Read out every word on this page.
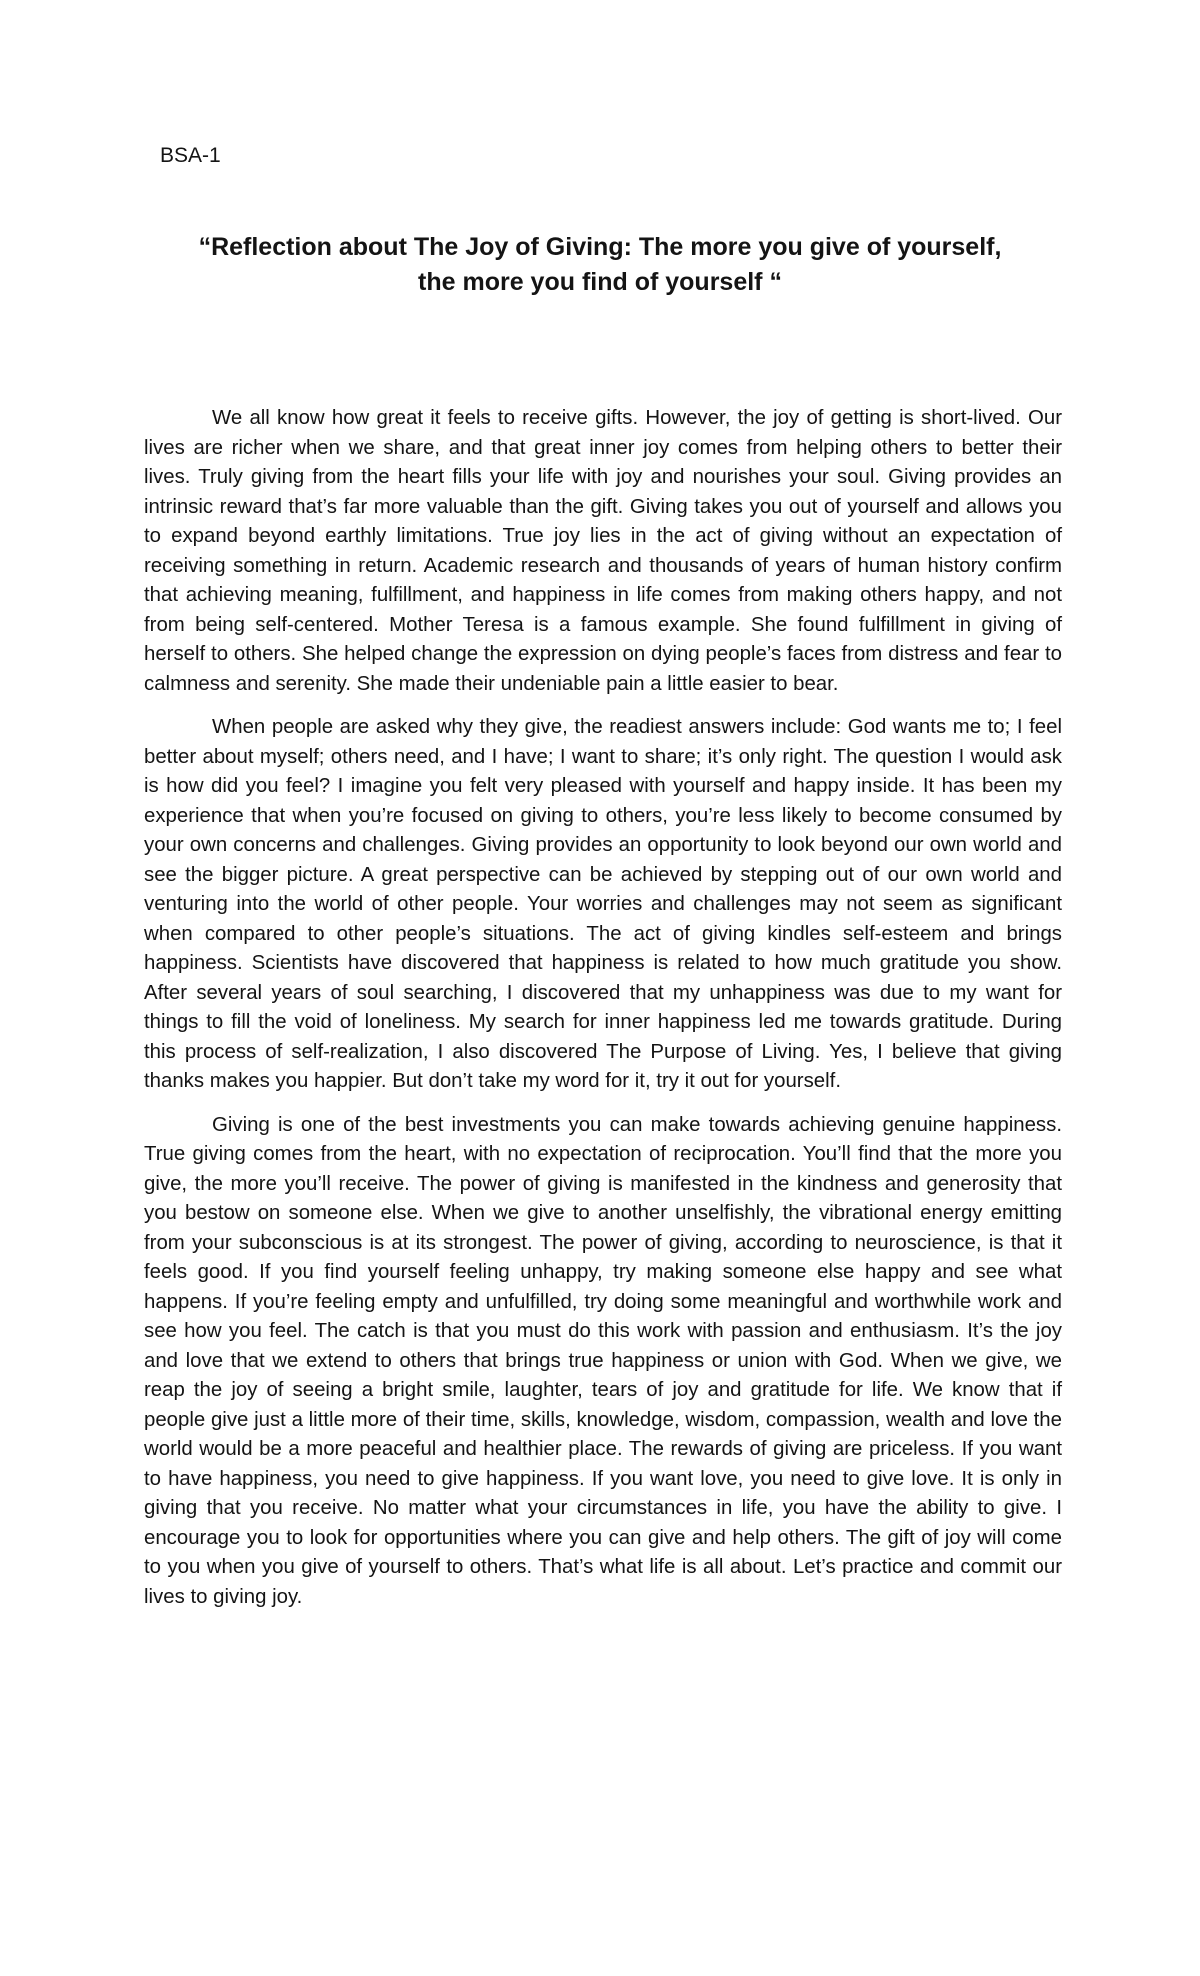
BSA-1
“Reflection about The Joy of Giving: The more you give of yourself,
the more you find of yourself “

We all know how great it feels to receive gifts. However, the joy of getting is short-lived. Our lives are richer when we share, and that great inner joy comes from helping others to better their lives. Truly giving from the heart fills your life with joy and nourishes your soul. Giving provides an intrinsic reward that’s far more valuable than the gift. Giving takes you out of yourself and allows you to expand beyond earthly limitations. True joy lies in the act of giving without an expectation of receiving something in return. Academic research and thousands of years of human history confirm that achieving meaning, fulfillment, and happiness in life comes from making others happy, and not from being self-centered. Mother Teresa is a famous example. She found fulfillment in giving of herself to others. She helped change the expression on dying people’s faces from distress and fear to calmness and serenity. She made their undeniable pain a little easier to bear.

When people are asked why they give, the readiest answers include: God wants me to; I feel better about myself; others need, and I have; I want to share; it’s only right. The question I would ask is how did you feel? I imagine you felt very pleased with yourself and happy inside. It has been my experience that when you’re focused on giving to others, you’re less likely to become consumed by your own concerns and challenges. Giving provides an opportunity to look beyond our own world and see the bigger picture. A great perspective can be achieved by stepping out of our own world and venturing into the world of other people. Your worries and challenges may not seem as significant when compared to other people’s situations. The act of giving kindles self-esteem and brings happiness. Scientists have discovered that happiness is related to how much gratitude you show. After several years of soul searching, I discovered that my unhappiness was due to my want for things to fill the void of loneliness. My search for inner happiness led me towards gratitude. During this process of self-realization, I also discovered The Purpose of Living. Yes, I believe that giving thanks makes you happier. But don’t take my word for it, try it out for yourself.

Giving is one of the best investments you can make towards achieving genuine happiness. True giving comes from the heart, with no expectation of reciprocation. You’ll find that the more you give, the more you’ll receive. The power of giving is manifested in the kindness and generosity that you bestow on someone else. When we give to another unselfishly, the vibrational energy emitting from your subconscious is at its strongest. The power of giving, according to neuroscience, is that it feels good. If you find yourself feeling unhappy, try making someone else happy and see what happens. If you’re feeling empty and unfulfilled, try doing some meaningful and worthwhile work and see how you feel. The catch is that you must do this work with passion and enthusiasm. It’s the joy and love that we extend to others that brings true happiness or union with God. When we give, we reap the joy of seeing a bright smile, laughter, tears of joy and gratitude for life. We know that if people give just a little more of their time, skills, knowledge, wisdom, compassion, wealth and love the world would be a more peaceful and healthier place. The rewards of giving are priceless. If you want to have happiness, you need to give happiness. If you want love, you need to give love. It is only in giving that you receive. No matter what your circumstances in life, you have the ability to give. I encourage you to look for opportunities where you can give and help others. The gift of joy will come to you when you give of yourself to others. That’s what life is all about. Let’s practice and commit our lives to giving joy.
